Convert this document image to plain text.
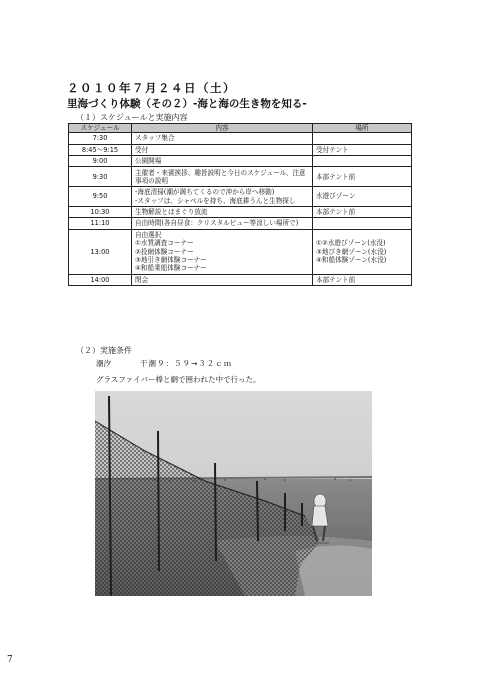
２０１０年７月２４日（土）
里海づくり体験（その２）-海と海の生き物を知る-
（１）スケジュールと実施内容
スケジュール	内容	場所
7:30	スタッフ集合	

8:45〜9:15	受付	受付テント

9:00	公園開場	

9:30	主催者・来賓挨拶、趣旨説明と今日のスケジュール、注意
事項の説明	本部テント前

9:50	-海底清掃(潮が満ちてくるので沖から岸へ移動)
-スタッフは、シャベルを持ち、海底耕うんと生物探し	水遊びゾーン

10:30	生物解説とはまぐり放流	本部テント前

11:10	自由時間(各自昼食：クリスタルビュー等涼しい場所で)	

13:00	自由選択
①水質調査コーナー
②投網体験コーナー
③地引き網体験コーナー
④和船乗船体験コーナー	①②水遊びゾーン(水没)
③地びき網ゾーン(水没)
④和船体験ゾーン(水没)

14:00	閉会	本部テント前
（２）実施条件
潮汐	干潮９：５９→３２ｃｍ
グラスファイバー棒と網で囲われた中で行った。
7
